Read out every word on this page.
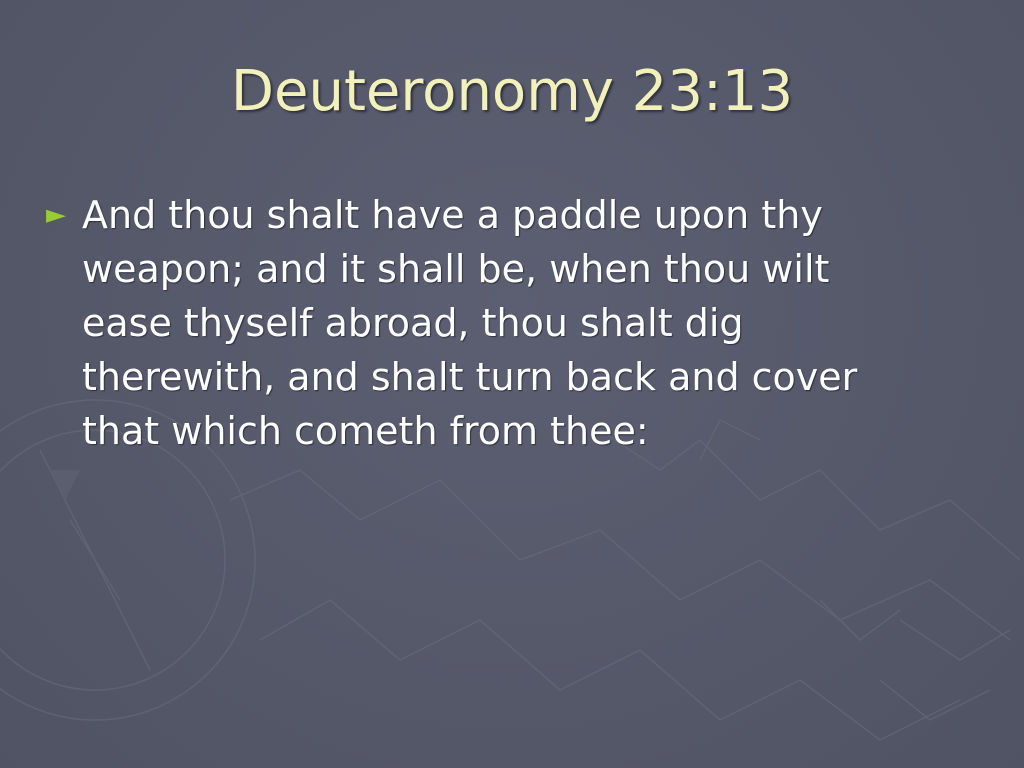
Deuteronomy 23:13
► And thou shalt have a paddle upon thy weapon; and it shall be, when thou wilt ease thyself abroad, thou shalt dig therewith, and shalt turn back and cover that which cometh from thee:
